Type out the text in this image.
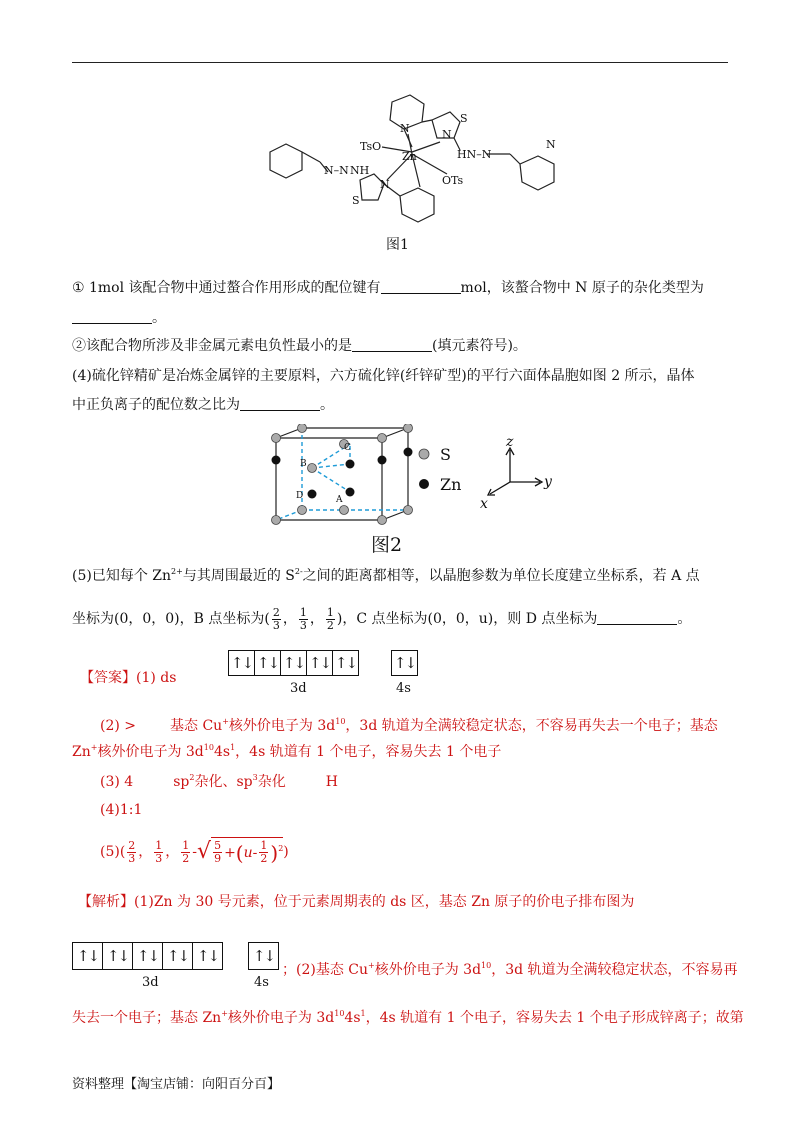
TsO
Zn
OTs
N–N NH
HN–N
S
S
N	N
N
N
图1
① 1mol 该配合物中通过螯合作用形成的配位键有	mol，该螯合物中 N 原子的杂化类型为
。
②该配合物所涉及非金属元素电负性最小的是	(填元素符号)。
(4)硫化锌精矿是冶炼金属锌的主要原料，六方硫化锌(纤锌矿型)的平行六面体晶胞如图 2 所示，晶体
中正负离子的配位数之比为	。
C
B
D	A
S
Zn
z
y
x
图2
(5)已知每个 $Zn^{2+}$与其周围最近的 $S^{2-}$之间的距离都相等，以晶胞参数为单位长度建立坐标系，若 A 点
坐标为(0，0，0)，B 点坐标为( $\frac{2}{3}$ ， $\frac{1}{3}$ ， $\frac{1}{2}$ )，C 点坐标为(0，0，u)，则 D 点坐标为	。
【答案】(1) ds
↑↓ ↑↓ ↑↓ ↑↓ ↑↓
3d
↑↓
4s
(2) > 基态 Cu+核外价电子为 $3d^{10}$，3d 轨道为全满较稳定状态，不容易再失去一个电子；基态
Zn+核外价电子为 $3d^{10}4s^1$，4s 轨道有 1 个电子，容易失去 1 个电子
(3) 4	$sp^2$杂化、$sp^3$杂化	H
(4)1:1
$(5)( \frac{2}{3}$ ， $\frac{1}{3}$ ， $\frac{1}{2}$ -√ $\frac{5}{9} +(u- \frac{1}{2} )^2$)
【解析】(1)Zn 为 30 号元素，位于元素周期表的 ds 区，基态 Zn 原子的价电子排布图为
↑↓ ↑↓ ↑↓ ↑↓ ↑↓
3d
↑↓
4s
；(2)基态 Cu+核外价电子为 $3d^{10}$，3d 轨道为全满较稳定状态，不容易再
失去一个电子；基态 Zn+核外价电子为 $3d^{10}4s^1$，4s 轨道有 1 个电子，容易失去 1 个电子形成锌离子；故第
资料整理【淘宝店铺：向阳百分百】
